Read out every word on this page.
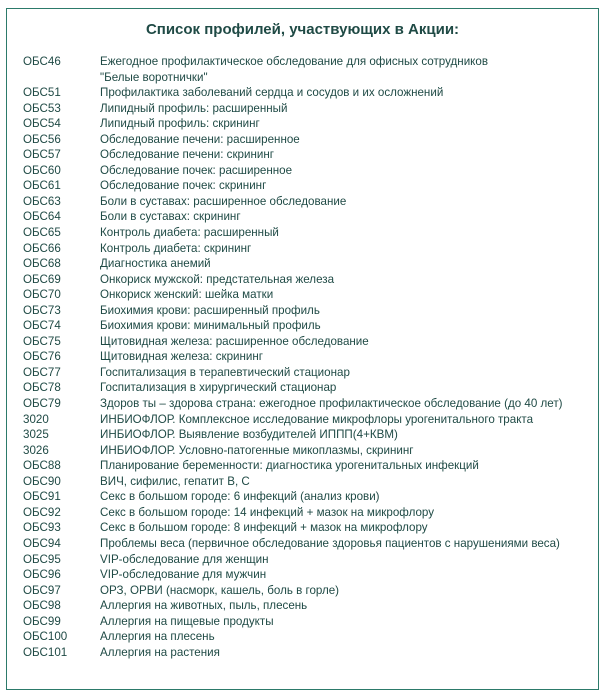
Список профилей, участвующих в Акции:
ОБС46	Ежегодное профилактическое обследование для офисных сотрудников
"Белые воротнички"
ОБС51	Профилактика заболеваний сердца и сосудов и их осложнений
ОБС53	Липидный профиль: расширенный
ОБС54	Липидный профиль: скрининг
ОБС56	Обследование печени: расширенное
ОБС57	Обследование печени: скрининг
ОБС60	Обследование почек: расширенное
ОБС61	Обследование почек: скрининг
ОБС63	Боли в суставах: расширенное обследование
ОБС64	Боли в суставах: скрининг
ОБС65	Контроль диабета: расширенный
ОБС66	Контроль диабета: скрининг
ОБС68	Диагностика анемий
ОБС69	Онкориск мужской: предстательная железа
ОБС70	Онкориск женский: шейка матки
ОБС73	Биохимия крови: расширенный профиль
ОБС74	Биохимия крови: минимальный профиль
ОБС75	Щитовидная железа: расширенное обследование
ОБС76	Щитовидная железа: скрининг
ОБС77	Госпитализация в терапевтический стационар
ОБС78	Госпитализация в хирургический стационар
ОБС79	Здоров ты – здорова страна: ежегодное профилактическое обследование (до 40 лет)
3020	ИНБИОФЛОР. Комплексное исследование микрофлоры урогенитального тракта
3025	ИНБИОФЛОР. Выявление возбудителей ИППП(4+КВМ)
3026	ИНБИОФЛОР. Условно-патогенные микоплазмы, скрининг
ОБС88	Планирование беременности: диагностика урогенитальных инфекций
ОБС90	ВИЧ, сифилис, гепатит В, С
ОБС91	Секс в большом городе: 6 инфекций (анализ крови)
ОБС92	Секс в большом городе: 14 инфекций + мазок на микрофлору
ОБС93	Секс в большом городе: 8 инфекций + мазок на микрофлору
ОБС94	Проблемы веса (первичное обследование здоровья пациентов с нарушениями веса)
ОБС95	VIP-обследование для женщин
ОБС96	VIP-обследование для мужчин
ОБС97	ОРЗ, ОРВИ (насморк, кашель, боль в горле)
ОБС98	Аллергия на животных, пыль, плесень
ОБС99	Аллергия на пищевые продукты
ОБС100	Аллергия на плесень
ОБС101	Аллергия на растения
